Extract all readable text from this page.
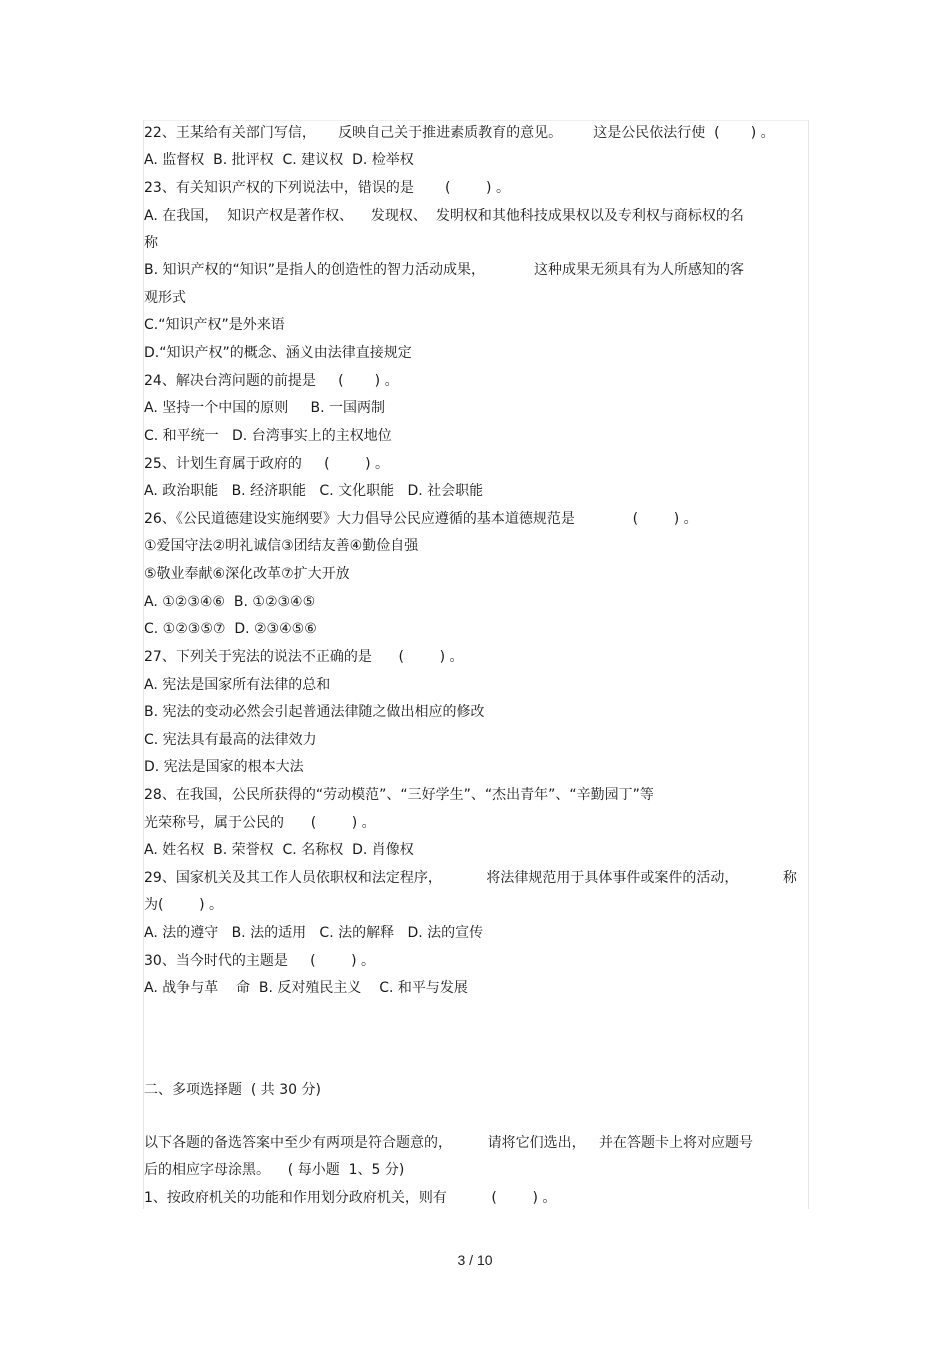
22、王某给有关部门写信，     反映自己关于推进素质教育的意见。       这是公民依法行使  (       ) 。
A. 监督权  B. 批评权  C. 建议权  D. 检举权
23、有关知识产权的下列说法中，错误的是       (        ) 。
A. 在我国，  知识产权是著作权、    发现权、  发明权和其他科技成果权以及专利权与商标权的名
称
B. 知识产权的“知识”是指人的创造性的智力活动成果，           这种成果无须具有为人所感知的客
观形式
C.“知识产权”是外来语
D.“知识产权”的概念、涵义由法律直接规定
24、解决台湾问题的前提是     (       ) 。
A. 坚持一个中国的原则     B. 一国两制
C. 和平统一   D. 台湾事实上的主权地位
25、计划生育属于政府的     (        ) 。
A. 政治职能   B. 经济职能   C. 文化职能   D. 社会职能
26、《公民道德建设实施纲要》大力倡导公民应遵循的基本道德规范是             (        ) 。
①爱国守法②明礼诚信③团结友善④勤俭自强
⑤敬业奉献⑥深化改革⑦扩大开放
A. ①②③④⑥  B. ①②③④⑤
C. ①②③⑤⑦  D. ②③④⑤⑥
27、下列关于宪法的说法不正确的是      (        ) 。
A. 宪法是国家所有法律的总和
B. 宪法的变动必然会引起普通法律随之做出相应的修改
C. 宪法具有最高的法律效力
D. 宪法是国家的根本大法
28、在我国，公民所获得的“劳动模范”、“三好学生”、“杰出青年”、“辛勤园丁”等
光荣称号，属于公民的      (        ) 。
A. 姓名权  B. 荣誉权  C. 名称权  D. 肖像权
29、国家机关及其工作人员依职权和法定程序，          将法律规范用于具体事件或案件的活动，          称
为(        ) 。
A. 法的遵守   B. 法的适用   C. 法的解释   D. 法的宣传
30、当今时代的主题是     (        ) 。
A. 战争与革    命  B. 反对殖民主义    C. 和平与发展
二、多项选择题  ( 共 30 分)
以下各题的备选答案中至少有两项是符合题意的，        请将它们选出，   并在答题卡上将对应题号
后的相应字母涂黑。    ( 每小题  1、5 分)
1、按政府机关的功能和作用划分政府机关，则有          (        ) 。
3 / 10
